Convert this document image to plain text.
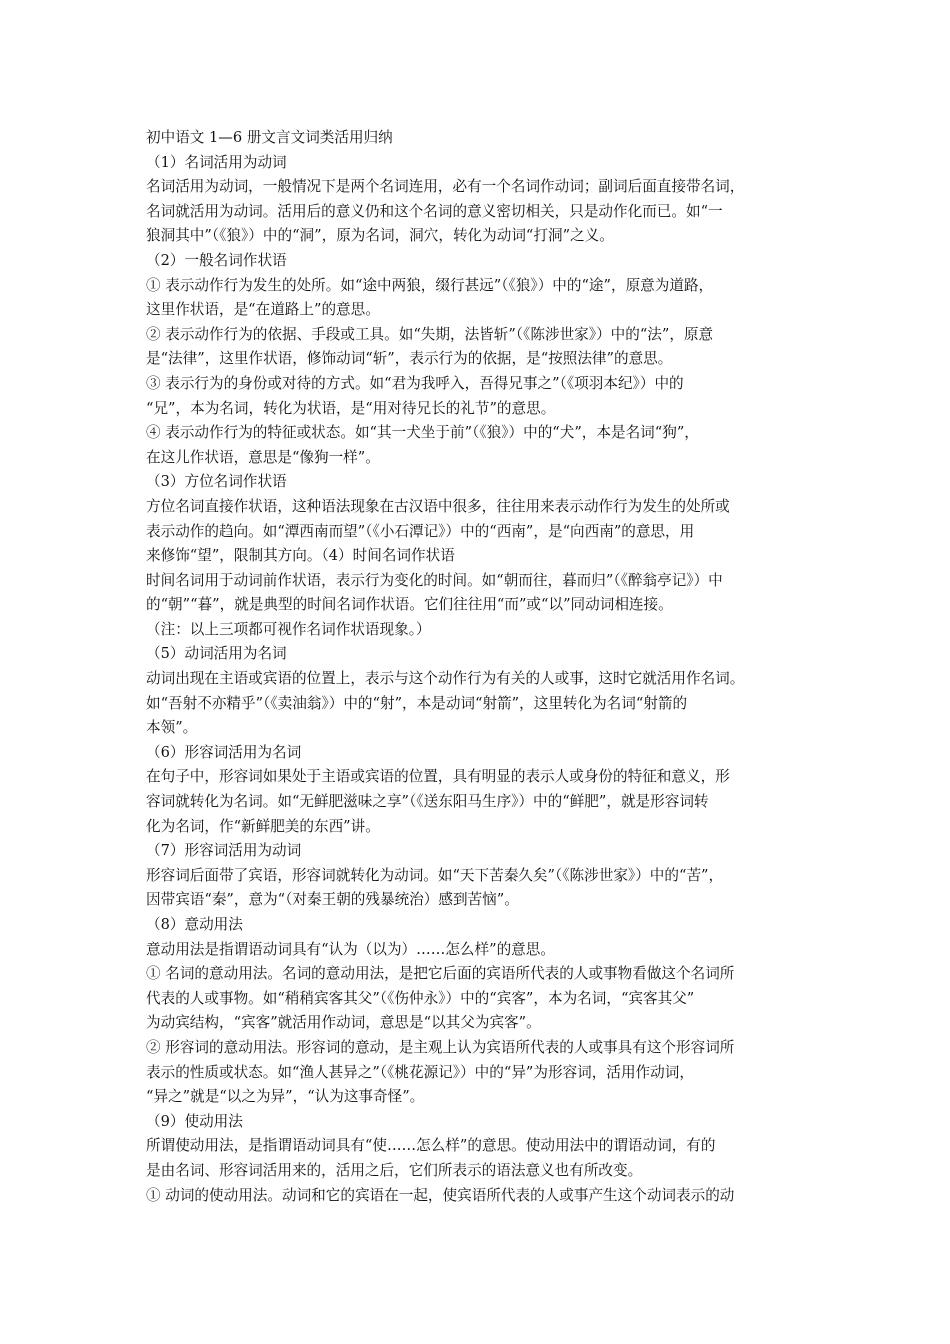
初中语文 1—6 册文言文词类活用归纳
（1）名词活用为动词
名词活用为动词，一般情况下是两个名词连用，必有一个名词作动词；副词后面直接带名词，
名词就活用为动词。活用后的意义仍和这个名词的意义密切相关，只是动作化而已。如“一
狼洞其中”（《狼》）中的“洞”，原为名词，洞穴，转化为动词“打洞”之义。
（2）一般名词作状语
① 表示动作行为发生的处所。如“途中两狼，缀行甚远”（《狼》）中的“途”，原意为道路，
这里作状语，是“在道路上”的意思。
② 表示动作行为的依据、手段或工具。如“失期，法皆斩”（《陈涉世家》）中的“法”，原意
是“法律”，这里作状语，修饰动词“斩”，表示行为的依据，是“按照法律”的意思。
③ 表示行为的身份或对待的方式。如“君为我呼入，吾得兄事之”（《项羽本纪》）中的
“兄”，本为名词，转化为状语，是“用对待兄长的礼节”的意思。
④ 表示动作行为的特征或状态。如“其一犬坐于前”（《狼》）中的“犬”，本是名词“狗”，
在这儿作状语，意思是“像狗一样”。
（3）方位名词作状语
方位名词直接作状语，这种语法现象在古汉语中很多，往往用来表示动作行为发生的处所或
表示动作的趋向。如“潭西南而望”（《小石潭记》）中的“西南”，是“向西南”的意思，用
来修饰“望”，限制其方向。（4）时间名词作状语
时间名词用于动词前作状语，表示行为变化的时间。如“朝而往，暮而归”（《醉翁亭记》）中
的“朝”“暮”，就是典型的时间名词作状语。它们往往用“而”或“以”同动词相连接。
（注：以上三项都可视作名词作状语现象。）
（5）动词活用为名词
动词出现在主语或宾语的位置上，表示与这个动作行为有关的人或事，这时它就活用作名词。
如“吾射不亦精乎”（《卖油翁》）中的“射”，本是动词“射箭”，这里转化为名词“射箭的
本领”。
（6）形容词活用为名词
在句子中，形容词如果处于主语或宾语的位置，具有明显的表示人或身份的特征和意义，形
容词就转化为名词。如“无鲜肥滋味之享”（《送东阳马生序》）中的“鲜肥”，就是形容词转
化为名词，作“新鲜肥美的东西”讲。
（7）形容词活用为动词
形容词后面带了宾语，形容词就转化为动词。如“天下苦秦久矣”（《陈涉世家》）中的“苦”，
因带宾语“秦”，意为“（对秦王朝的残暴统治）感到苦恼”。
（8）意动用法
意动用法是指谓语动词具有“认为（以为）……怎么样”的意思。
① 名词的意动用法。名词的意动用法，是把它后面的宾语所代表的人或事物看做这个名词所
代表的人或事物。如“稍稍宾客其父”（《伤仲永》）中的“宾客”，本为名词，“宾客其父”
为动宾结构，“宾客”就活用作动词，意思是“以其父为宾客”。
② 形容词的意动用法。形容词的意动，是主观上认为宾语所代表的人或事具有这个形容词所
表示的性质或状态。如“渔人甚异之”（《桃花源记》）中的“异”为形容词，活用作动词，
“异之”就是“以之为异”，“认为这事奇怪”。
（9）使动用法
所谓使动用法，是指谓语动词具有“使……怎么样”的意思。使动用法中的谓语动词，有的
是由名词、形容词活用来的，活用之后，它们所表示的语法意义也有所改变。
① 动词的使动用法。动词和它的宾语在一起，使宾语所代表的人或事产生这个动词表示的动
